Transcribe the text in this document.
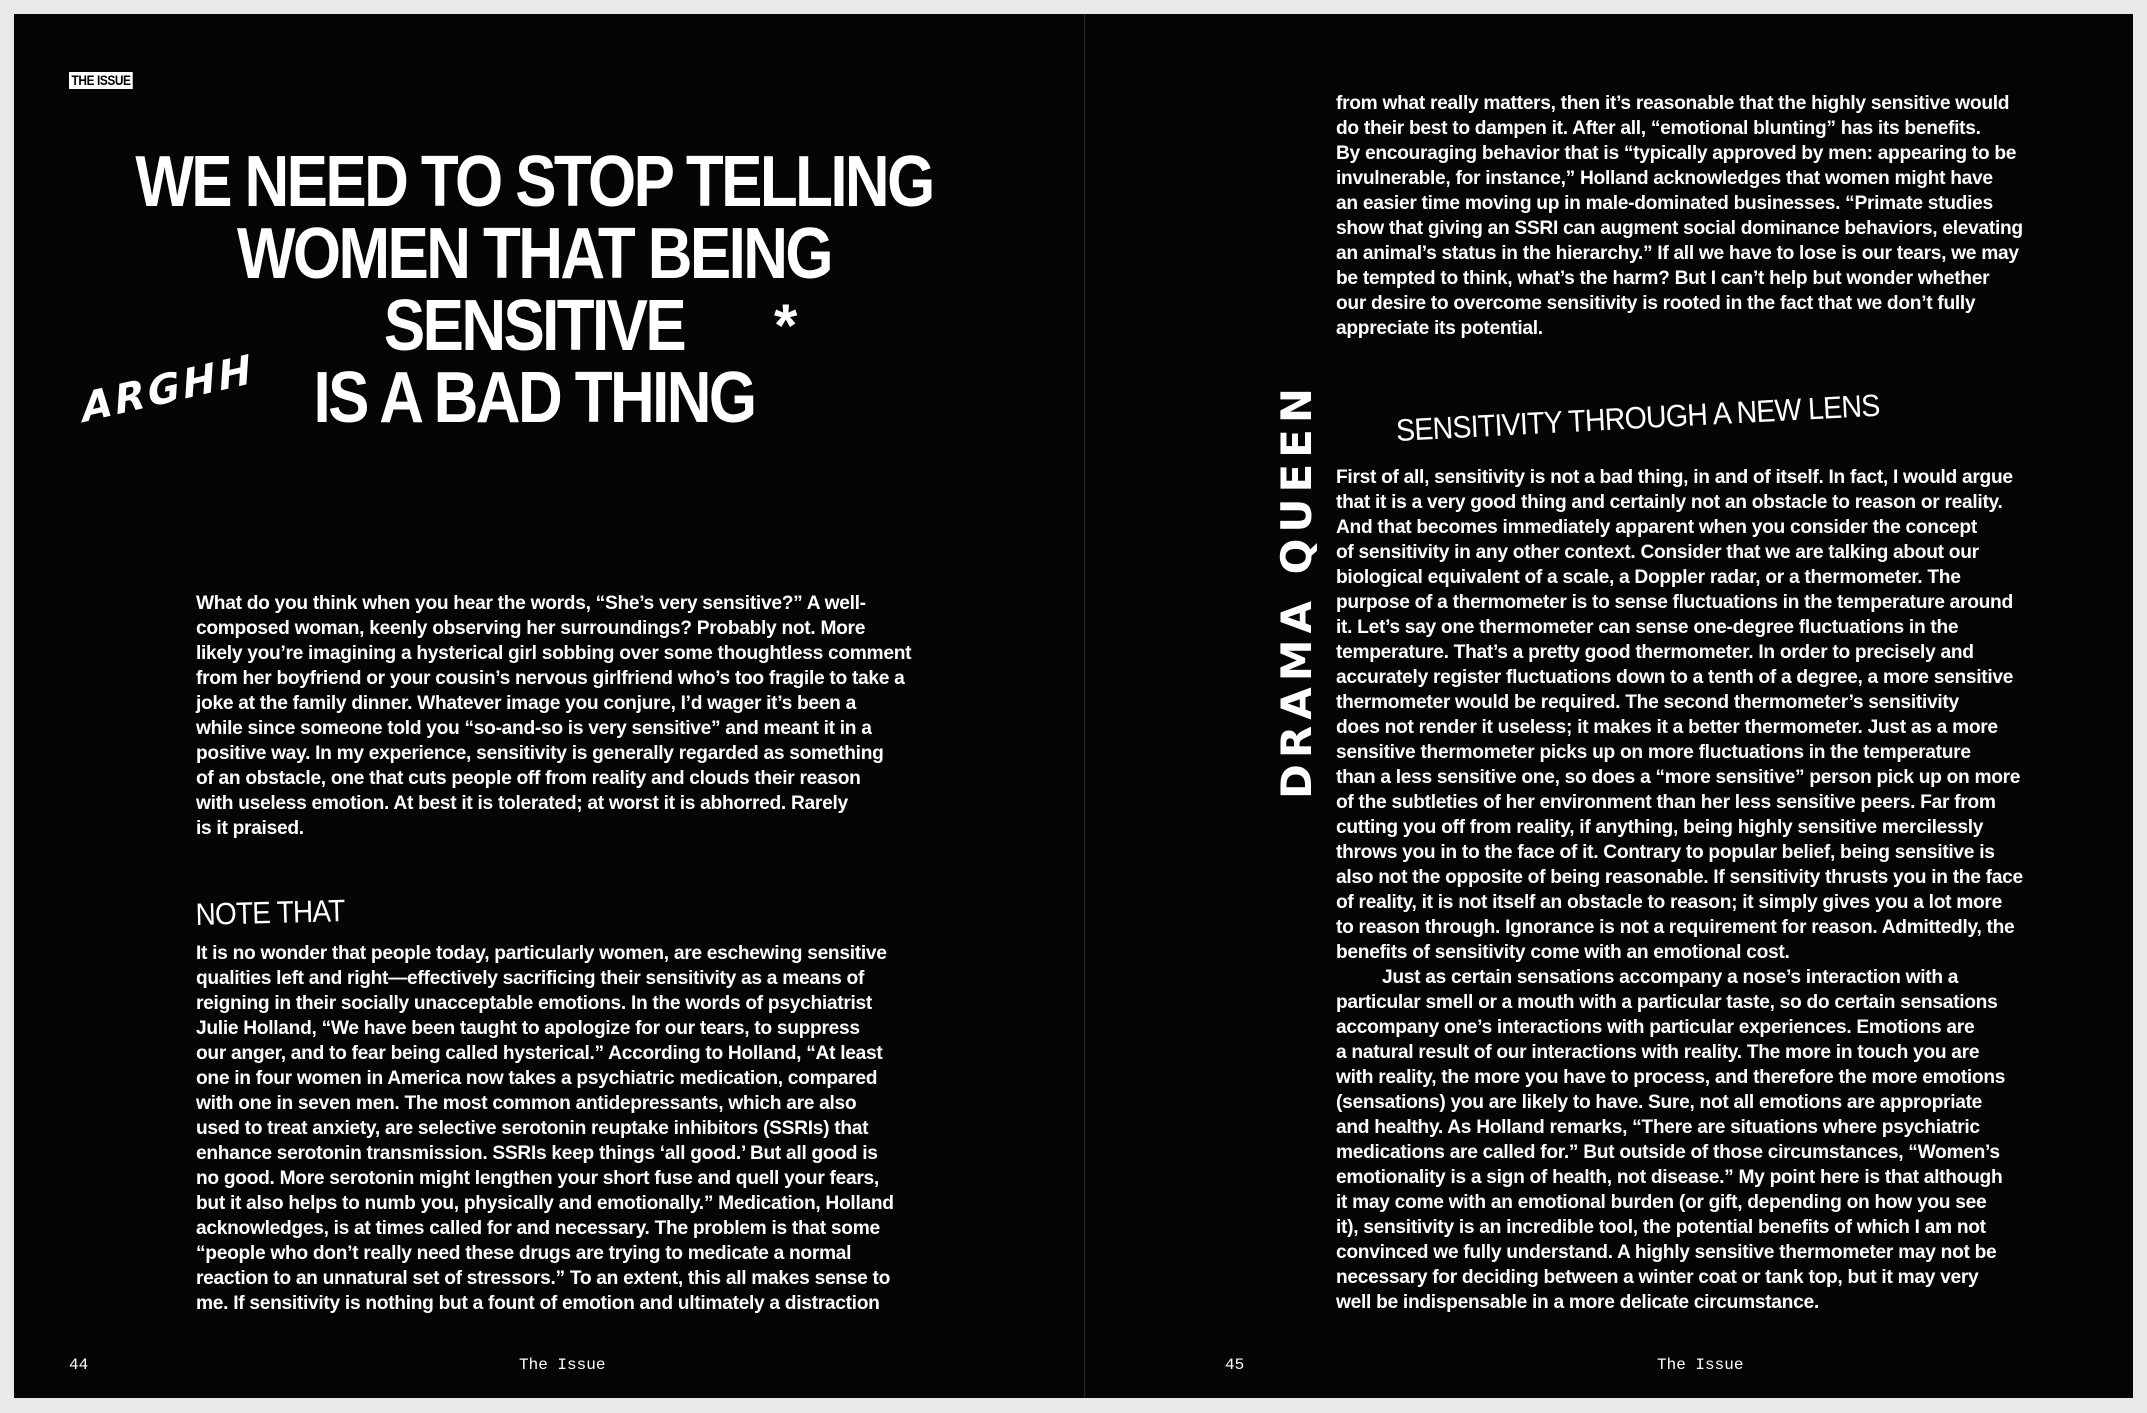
THE ISSUE
WE NEED TO STOP TELLING
WOMEN THAT BEING SENSITIVE
IS A BAD THING
*
ARGHH

What do you think when you hear the words, “She’s very sensitive?” A well-
composed woman, keenly observing her surroundings? Probably not. More
likely you’re imagining a hysterical girl sobbing over some thoughtless comment
from her boyfriend or your cousin’s nervous girlfriend who’s too fragile to take a
joke at the family dinner. Whatever image you conjure, I’d wager it’s been a
while since someone told you “so-and-so is very sensitive” and meant it in a
positive way. In my experience, sensitivity is generally regarded as something
of an obstacle, one that cuts people off from reality and clouds their reason
with useless emotion. At best it is tolerated; at worst it is abhorred. Rarely
is it praised.

NOTE THAT

It is no wonder that people today, particularly women, are eschewing sensitive
qualities left and right—effectively sacrificing their sensitivity as a means of
reigning in their socially unacceptable emotions. In the words of psychiatrist
Julie Holland, “We have been taught to apologize for our tears, to suppress
our anger, and to fear being called hysterical.” According to Holland, “At least
one in four women in America now takes a psychiatric medication, compared
with one in seven men. The most common antidepressants, which are also
used to treat anxiety, are selective serotonin reuptake inhibitors (SSRIs) that
enhance serotonin transmission. SSRIs keep things ‘all good.’ But all good is
no good. More serotonin might lengthen your short fuse and quell your fears,
but it also helps to numb you, physically and emotionally.” Medication, Holland
acknowledges, is at times called for and necessary. The problem is that some
“people who don’t really need these drugs are trying to medicate a normal
reaction to an unnatural set of stressors.” To an extent, this all makes sense to
me. If sensitivity is nothing but a fount of emotion and ultimately a distraction

44	The Issue

from what really matters, then it’s reasonable that the highly sensitive would
do their best to dampen it. After all, “emotional blunting” has its benefits.
By encouraging behavior that is “typically approved by men: appearing to be
invulnerable, for instance,” Holland acknowledges that women might have
an easier time moving up in male-dominated businesses. “Primate studies
show that giving an SSRI can augment social dominance behaviors, elevating
an animal’s status in the hierarchy.” If all we have to lose is our tears, we may
be tempted to think, what’s the harm? But I can’t help but wonder whether
our desire to overcome sensitivity is rooted in the fact that we don’t fully
appreciate its potential.

SENSITIVITY THROUGH A NEW LENS
DRAMA QUEEN First of all, sensitivity is not a bad thing, in and of itself. In fact, I would argue
that it is a very good thing and certainly not an obstacle to reason or reality.
And that becomes immediately apparent when you consider the concept
of sensitivity in any other context. Consider that we are talking about our
biological equivalent of a scale, a Doppler radar, or a thermometer. The
purpose of a thermometer is to sense fluctuations in the temperature around
it. Let’s say one thermometer can sense one-degree fluctuations in the
temperature. That’s a pretty good thermometer. In order to precisely and
accurately register fluctuations down to a tenth of a degree, a more sensitive
thermometer would be required. The second thermometer’s sensitivity
does not render it useless; it makes it a better thermometer. Just as a more
sensitive thermometer picks up on more fluctuations in the temperature
than a less sensitive one, so does a “more sensitive” person pick up on more
of the subtleties of her environment than her less sensitive peers. Far from
cutting you off from reality, if anything, being highly sensitive mercilessly
throws you in to the face of it. Contrary to popular belief, being sensitive is
also not the opposite of being reasonable. If sensitivity thrusts you in the face
of reality, it is not itself an obstacle to reason; it simply gives you a lot more
to reason through. Ignorance is not a requirement for reason. Admittedly, the
benefits of sensitivity come with an emotional cost.

Just as certain sensations accompany a nose’s interaction with a
particular smell or a mouth with a particular taste, so do certain sensations
accompany one’s interactions with particular experiences. Emotions are
a natural result of our interactions with reality. The more in touch you are
with reality, the more you have to process, and therefore the more emotions
(sensations) you are likely to have. Sure, not all emotions are appropriate
and healthy. As Holland remarks, “There are situations where psychiatric
medications are called for.” But outside of those circumstances, “Women’s
emotionality is a sign of health, not disease.” My point here is that although
it may come with an emotional burden (or gift, depending on how you see
it), sensitivity is an incredible tool, the potential benefits of which I am not
convinced we fully understand. A highly sensitive thermometer may not be
necessary for deciding between a winter coat or tank top, but it may very
well be indispensable in a more delicate circumstance.

45	The Issue
